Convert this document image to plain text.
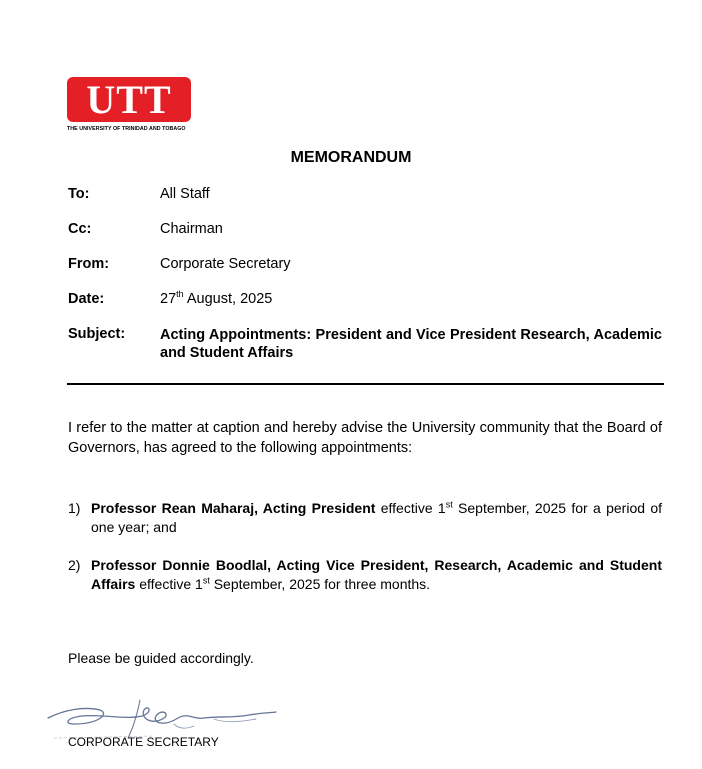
UTT
THE UNIVERSITY OF TRINIDAD AND TOBAGO
MEMORANDUM
To:	All Staff
Cc:	Chairman
From:	Corporate Secretary
Date:	27th August, 2025
Subject:	Acting Appointments: President and Vice President Research, Academic and Student Affairs
I refer to the matter at caption and hereby advise the University community that the Board of Governors, has agreed to the following appointments:
1) Professor Rean Maharaj, Acting President effective 1st September, 2025 for a period of one year; and
2) Professor Donnie Boodlal, Acting Vice President, Research, Academic and Student Affairs effective 1st September, 2025 for three months.
Please be guided accordingly.
CORPORATE SECRETARY
